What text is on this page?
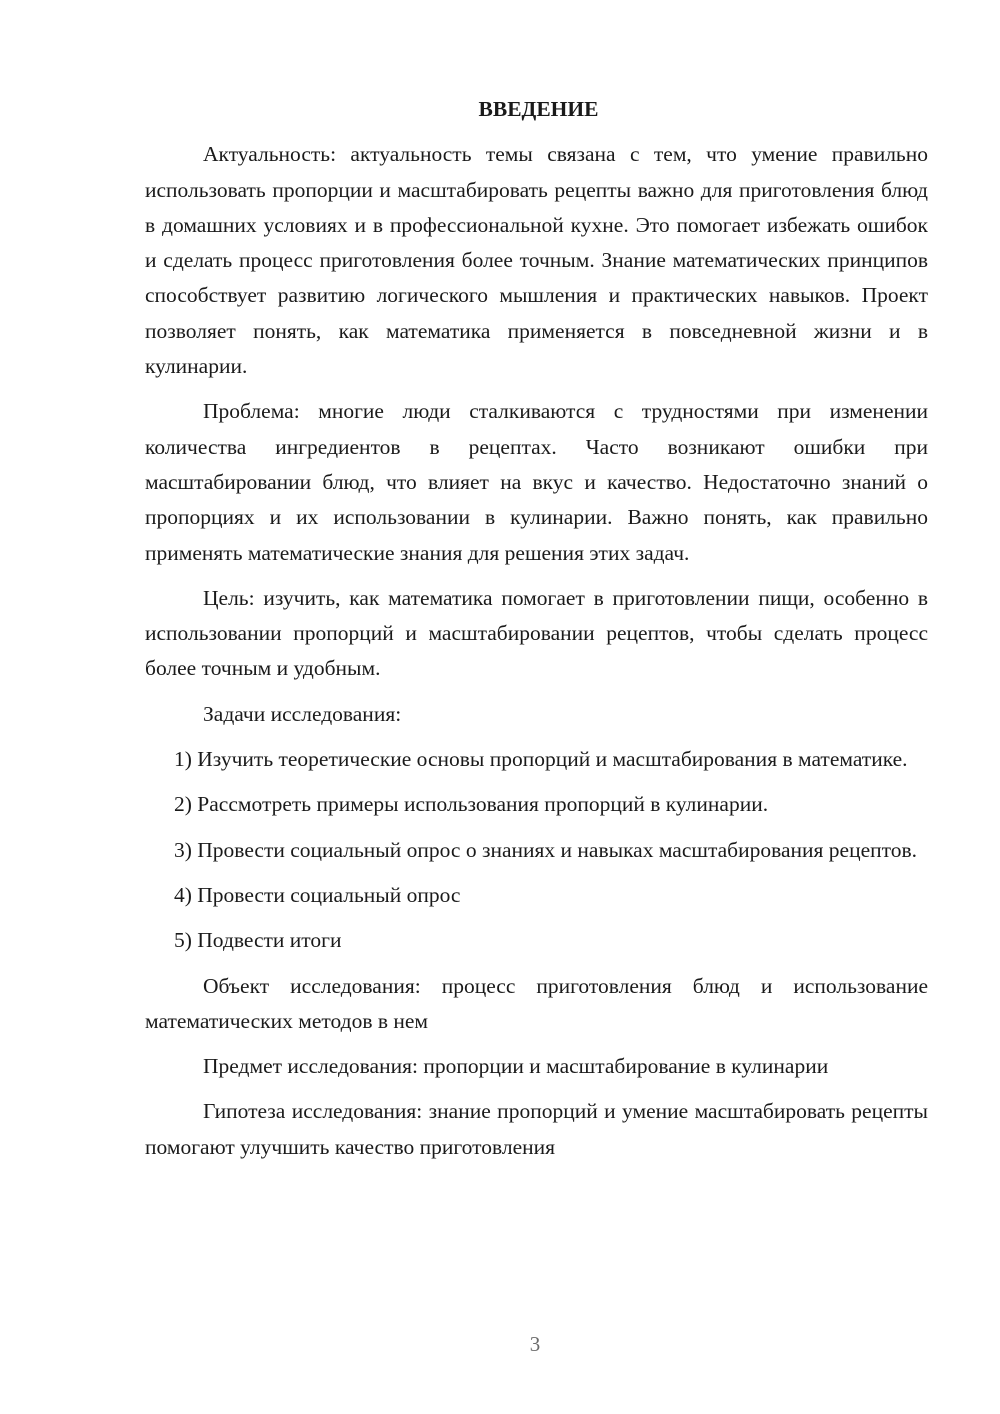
ВВЕДЕНИЕ

Актуальность: актуальность темы связана с тем, что умение правильно использовать пропорции и масштабировать рецепты важно для приготовления блюд в домашних условиях и в профессиональной кухне. Это помогает избежать ошибок и сделать процесс приготовления более точным. Знание математических принципов способствует развитию логического мышления и практических навыков. Проект позволяет понять, как математика применяется в повседневной жизни и в кулинарии.

Проблема: многие люди сталкиваются с трудностями при изменении количества ингредиентов в рецептах. Часто возникают ошибки при масштабировании блюд, что влияет на вкус и качество. Недостаточно знаний о пропорциях и их использовании в кулинарии. Важно понять, как правильно применять математические знания для решения этих задач.

Цель: изучить, как математика помогает в приготовлении пищи, особенно в использовании пропорций и масштабировании рецептов, чтобы сделать процесс более точным и удобным.

Задачи исследования:

1) Изучить теоретические основы пропорций и масштабирования в математике.

2) Рассмотреть примеры использования пропорций в кулинарии.

3) Провести социальный опрос о знаниях и навыках масштабирования рецептов.

4) Провести социальный опрос

5) Подвести итоги

Объект исследования: процесс приготовления блюд и использование математических методов в нем

Предмет исследования: пропорции и масштабирование в кулинарии

Гипотеза исследования: знание пропорций и умение масштабировать рецепты помогают улучшить качество приготовления

3
